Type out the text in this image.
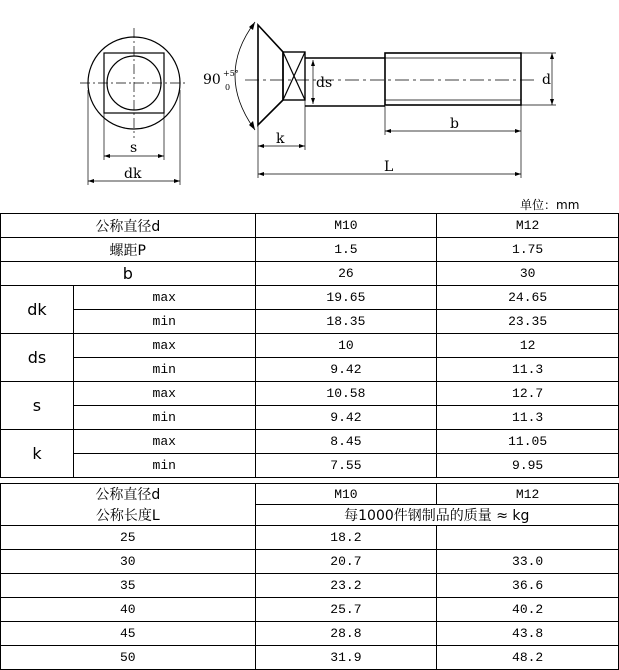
90 +5°
0
s
dk
ds	d
k
b
L
单位：mm
公称直径d		M10	M12
螺距P		1.5	1.75
b		26	30
dk	max	19.65	24.65
	min	18.35	23.35
ds	max	10	12
	min	9.42	11.3
s	max	10.58	12.7
	min	9.42	11.3
k	max	8.45	11.05
	min	7.55	9.95
公称直径d	M10	M12
公称长度L	每1000件钢制品的质量 ≈ kg	
25	18.2	
30	20.7	33.0
35	23.2	36.6
40	25.7	40.2
45	28.8	43.8
50	31.9	48.2
